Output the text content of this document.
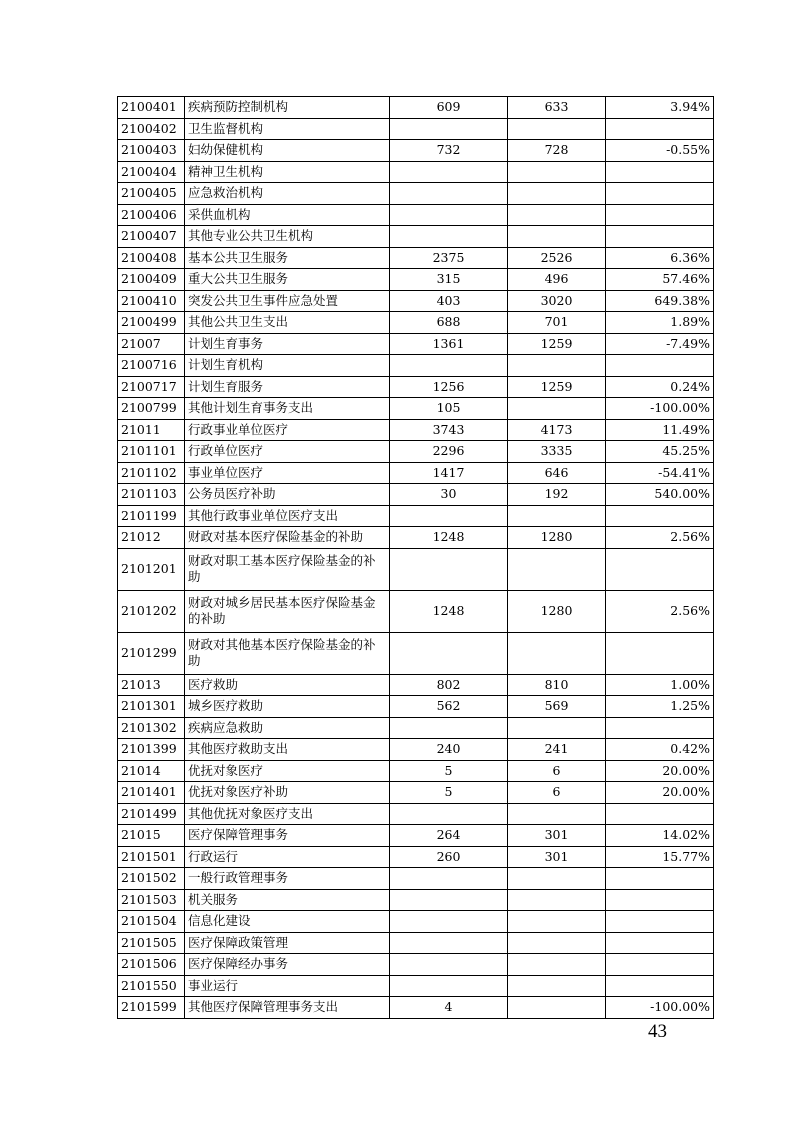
2100401	疾病预防控制机构	609	633	3.94%
2100402	卫生监督机构			
2100403	妇幼保健机构	732	728	-0.55%
2100404	精神卫生机构			
2100405	应急救治机构			
2100406	采供血机构			
2100407	其他专业公共卫生机构			
2100408	基本公共卫生服务	2375	2526	6.36%
2100409	重大公共卫生服务	315	496	57.46%
2100410	突发公共卫生事件应急处置	403	3020	649.38%
2100499	其他公共卫生支出	688	701	1.89%
21007	计划生育事务	1361	1259	-7.49%
2100716	计划生育机构			
2100717	计划生育服务	1256	1259	0.24%
2100799	其他计划生育事务支出	105		-100.00%
21011	行政事业单位医疗	3743	4173	11.49%
2101101	行政单位医疗	2296	3335	45.25%
2101102	事业单位医疗	1417	646	-54.41%
2101103	公务员医疗补助	30	192	540.00%
2101199	其他行政事业单位医疗支出			
21012	财政对基本医疗保险基金的补助	1248	1280	2.56%
2101201	财政对职工基本医疗保险基金的补助			
2101202	财政对城乡居民基本医疗保险基金的补助	1248	1280	2.56%
2101299	财政对其他基本医疗保险基金的补助			
21013	医疗救助	802	810	1.00%
2101301	城乡医疗救助	562	569	1.25%
2101302	疾病应急救助			
2101399	其他医疗救助支出	240	241	0.42%
21014	优抚对象医疗	5	6	20.00%
2101401	优抚对象医疗补助	5	6	20.00%
2101499	其他优抚对象医疗支出			
21015	医疗保障管理事务	264	301	14.02%
2101501	行政运行	260	301	15.77%
2101502	一般行政管理事务			
2101503	机关服务			
2101504	信息化建设			
2101505	医疗保障政策管理			
2101506	医疗保障经办事务			
2101550	事业运行			
2101599	其他医疗保障管理事务支出	4		-100.00%
43
